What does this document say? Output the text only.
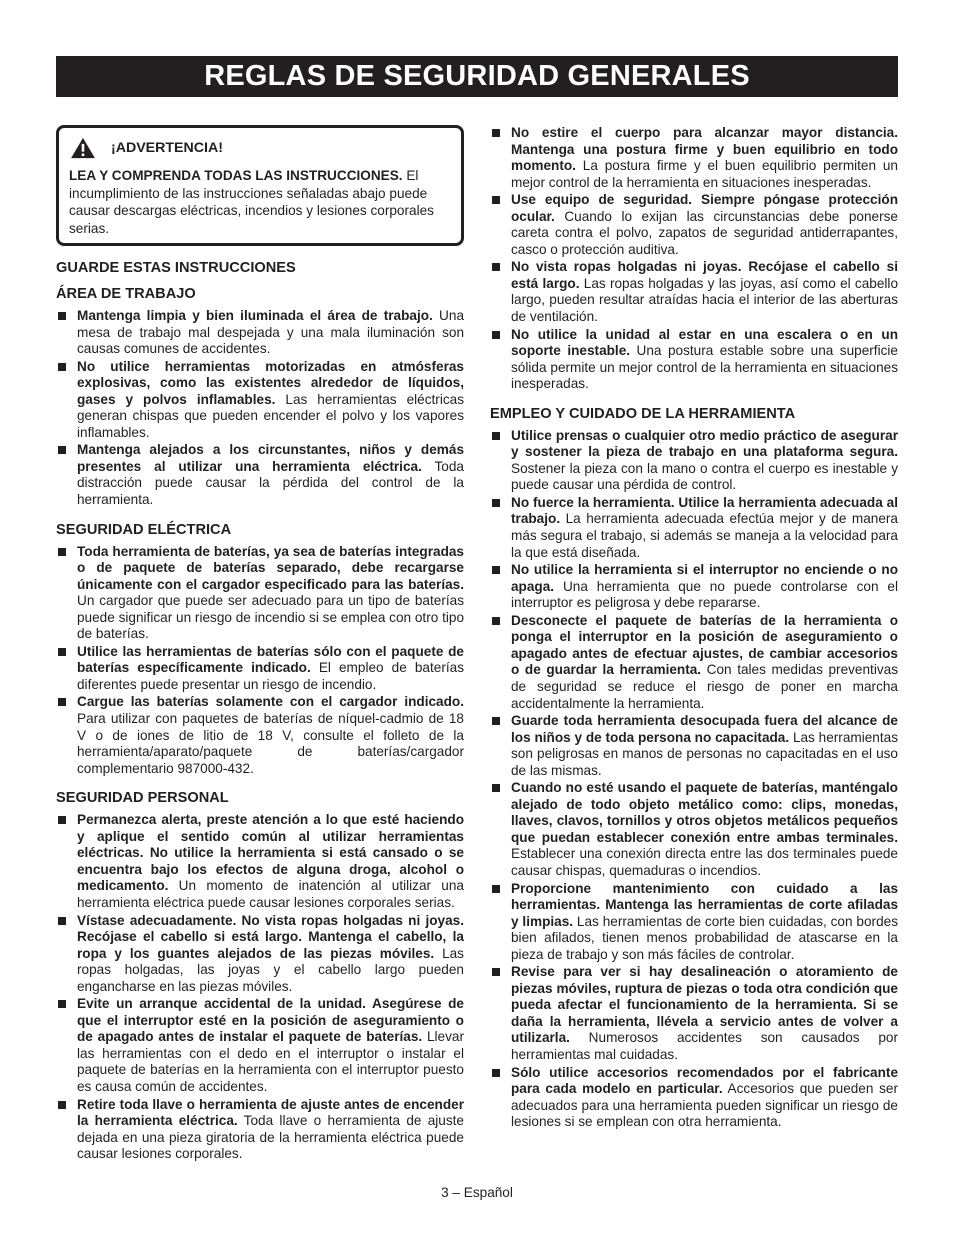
REGLAS DE SEGURIDAD GENERALES
¡ADVERTENCIA!
LEA Y COMPRENDA TODAS LAS INSTRUCCIONES. El incumplimiento de las instrucciones señaladas abajo puede causar descargas eléctricas, incendios y lesiones corporales serias.
GUARDE ESTAS INSTRUCCIONES
ÁREA DE TRABAJO
Mantenga limpia y bien iluminada el área de trabajo. Una mesa de trabajo mal despejada y una mala iluminación son causas comunes de accidentes.
No utilice herramientas motorizadas en atmósferas explosivas, como las existentes alrededor de líquidos, gases y polvos inflamables. Las herramientas eléctricas generan chispas que pueden encender el polvo y los vapores inflamables.
Mantenga alejados a los circunstantes, niños y demás presentes al utilizar una herramienta eléctrica. Toda distracción puede causar la pérdida del control de la herramienta.
SEGURIDAD ELÉCTRICA
Toda herramienta de baterías, ya sea de baterías integradas o de paquete de baterías separado, debe recargarse únicamente con el cargador especificado para las baterías. Un cargador que puede ser adecuado para un tipo de baterías puede significar un riesgo de incendio si se emplea con otro tipo de baterías.
Utilice las herramientas de baterías sólo con el paquete de baterías específicamente indicado. El empleo de baterías diferentes puede presentar un riesgo de incendio.
Cargue las baterías solamente con el cargador indicado. Para utilizar con paquetes de baterías de níquel-cadmio de 18 V o de iones de litio de 18 V, consulte el folleto de la herramienta/aparato/paquete de baterías/cargador complementario 987000-432.
SEGURIDAD PERSONAL
Permanezca alerta, preste atención a lo que esté haciendo y aplique el sentido común al utilizar herramientas eléctricas. No utilice la herramienta si está cansado o se encuentra bajo los efectos de alguna droga, alcohol o medicamento. Un momento de inatención al utilizar una herramienta eléctrica puede causar lesiones corporales serias.
Vístase adecuadamente. No vista ropas holgadas ni joyas. Recójase el cabello si está largo. Mantenga el cabello, la ropa y los guantes alejados de las piezas móviles. Las ropas holgadas, las joyas y el cabello largo pueden engancharse en las piezas móviles.
Evite un arranque accidental de la unidad. Asegúrese de que el interruptor esté en la posición de aseguramiento o de apagado antes de instalar el paquete de baterías. Llevar las herramientas con el dedo en el interruptor o instalar el paquete de baterías en la herramienta con el interruptor puesto es causa común de accidentes.
Retire toda llave o herramienta de ajuste antes de encender la herramienta eléctrica. Toda llave o herramienta de ajuste dejada en una pieza giratoria de la herramienta eléctrica puede causar lesiones corporales.
No estire el cuerpo para alcanzar mayor distancia. Mantenga una postura firme y buen equilibrio en todo momento. La postura firme y el buen equilibrio permiten un mejor control de la herramienta en situaciones inesperadas.
Use equipo de seguridad. Siempre póngase protección ocular. Cuando lo exijan las circunstancias debe ponerse careta contra el polvo, zapatos de seguridad antiderrapantes, casco o protección auditiva.
No vista ropas holgadas ni joyas. Recójase el cabello si está largo. Las ropas holgadas y las joyas, así como el cabello largo, pueden resultar atraídas hacia el interior de las aberturas de ventilación.
No utilice la unidad al estar en una escalera o en un soporte inestable. Una postura estable sobre una superficie sólida permite un mejor control de la herramienta en situaciones inesperadas.
EMPLEO Y CUIDADO DE LA HERRAMIENTA
Utilice prensas o cualquier otro medio práctico de asegurar y sostener la pieza de trabajo en una plataforma segura. Sostener la pieza con la mano o contra el cuerpo es inestable y puede causar una pérdida de control.
No fuerce la herramienta. Utilice la herramienta adecuada al trabajo. La herramienta adecuada efectúa mejor y de manera más segura el trabajo, si además se maneja a la velocidad para la que está diseñada.
No utilice la herramienta si el interruptor no enciende o no apaga. Una herramienta que no puede controlarse con el interruptor es peligrosa y debe repararse.
Desconecte el paquete de baterías de la herramienta o ponga el interruptor en la posición de aseguramiento o apagado antes de efectuar ajustes, de cambiar accesorios o de guardar la herramienta. Con tales medidas preventivas de seguridad se reduce el riesgo de poner en marcha accidentalmente la herramienta.
Guarde toda herramienta desocupada fuera del alcance de los niños y de toda persona no capacitada. Las herramientas son peligrosas en manos de personas no capacitadas en el uso de las mismas.
Cuando no esté usando el paquete de baterías, manténgalo alejado de todo objeto metálico como: clips, monedas, llaves, clavos, tornillos y otros objetos metálicos pequeños que puedan establecer conexión entre ambas terminales. Establecer una conexión directa entre las dos terminales puede causar chispas, quemaduras o incendios.
Proporcione mantenimiento con cuidado a las herramientas. Mantenga las herramientas de corte afiladas y limpias. Las herramientas de corte bien cuidadas, con bordes bien afilados, tienen menos probabilidad de atascarse en la pieza de trabajo y son más fáciles de controlar.
Revise para ver si hay desalineación o atoramiento de piezas móviles, ruptura de piezas o toda otra condición que pueda afectar el funcionamiento de la herramienta. Si se daña la herramienta, llévela a servicio antes de volver a utilizarla. Numerosos accidentes son causados por herramientas mal cuidadas.
Sólo utilice accesorios recomendados por el fabricante para cada modelo en particular. Accesorios que pueden ser adecuados para una herramienta pueden significar un riesgo de lesiones si se emplean con otra herramienta.
3 – Español
